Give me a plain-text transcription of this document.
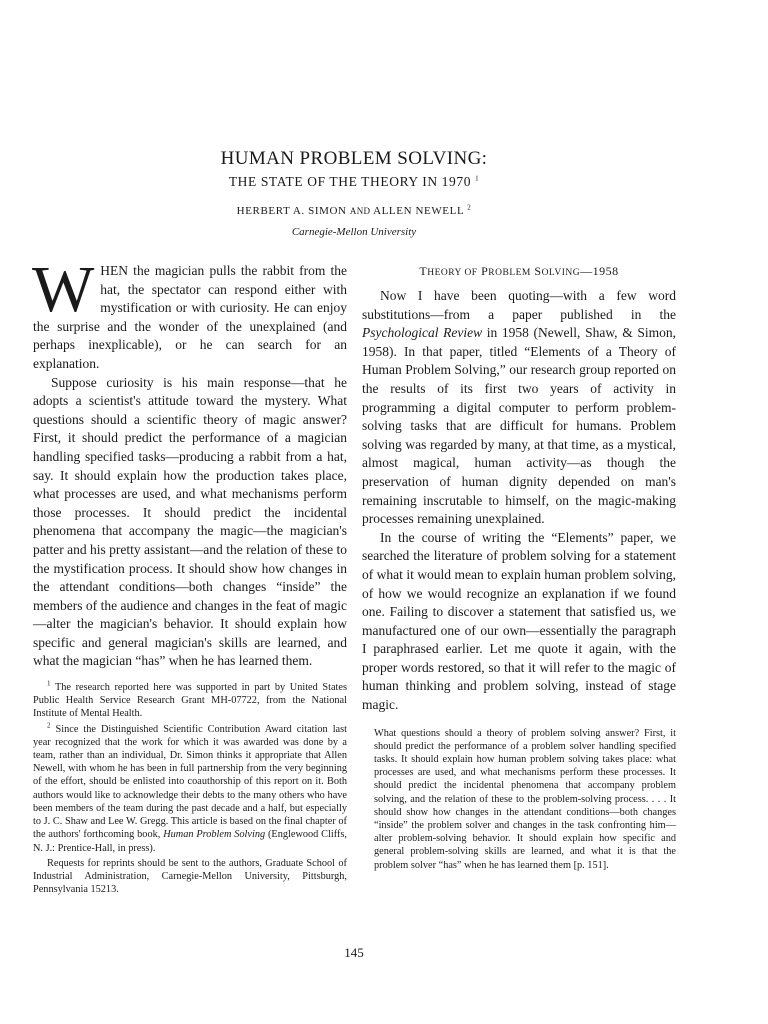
HUMAN PROBLEM SOLVING:
THE STATE OF THE THEORY IN 1970 $^1$
HERBERT A. SIMON AND ALLEN NEWELL $^2$
Carnegie-Mellon University

WHEN the magician pulls the rabbit from the hat, the spectator can respond either with mystification or with curiosity. He can enjoy the surprise and the wonder of the unexplained (and perhaps inexplicable), or he can search for an explanation.

Suppose curiosity is his main response—that he adopts a scientist's attitude toward the mystery. What questions should a scientific theory of magic answer? First, it should predict the performance of a magician handling specified tasks—producing a rabbit from a hat, say. It should explain how the production takes place, what processes are used, and what mechanisms perform those processes. It should predict the incidental phenomena that accompany the magic—the magician's patter and his pretty assistant—and the relation of these to the mystification process. It should show how changes in the attendant conditions—both changes “inside” the members of the audience and changes in the feat of magic—alter the magician's behavior. It should explain how specific and general magician's skills are learned, and what the magician “has” when he has learned them.

$^1$ The research reported here was supported in part by United States Public Health Service Research Grant MH-07722, from the National Institute of Mental Health.

$^2$ Since the Distinguished Scientific Contribution Award citation last year recognized that the work for which it was awarded was done by a team, rather than an individual, Dr. Simon thinks it appropriate that Allen Newell, with whom he has been in full partnership from the very beginning of the effort, should be enlisted into coauthorship of this report on it. Both authors would like to acknowledge their debts to the many others who have been members of the team during the past decade and a half, but especially to J. C. Shaw and Lee W. Gregg. This article is based on the final chapter of the authors' forthcoming book, Human Problem Solving (Englewood Cliffs, N. J.: Prentice-Hall, in press).

Requests for reprints should be sent to the authors, Graduate School of Industrial Administration, Carnegie-Mellon University, Pittsburgh, Pennsylvania 15213.

THEORY OF PROBLEM SOLVING—1958

Now I have been quoting—with a few word substitutions—from a paper published in the Psychological Review in 1958 (Newell, Shaw, & Simon, 1958). In that paper, titled “Elements of a Theory of Human Problem Solving,” our research group reported on the results of its first two years of activity in programming a digital computer to perform problem-solving tasks that are difficult for humans. Problem solving was regarded by many, at that time, as a mystical, almost magical, human activity—as though the preservation of human dignity depended on man's remaining inscrutable to himself, on the magic-making processes remaining unexplained.

In the course of writing the “Elements” paper, we searched the literature of problem solving for a statement of what it would mean to explain human problem solving, of how we would recognize an explanation if we found one. Failing to discover a statement that satisfied us, we manufactured one of our own—essentially the paragraph I paraphrased earlier. Let me quote it again, with the proper words restored, so that it will refer to the magic of human thinking and problem solving, instead of stage magic.

What questions should a theory of problem solving answer? First, it should predict the performance of a problem solver handling specified tasks. It should explain how human problem solving takes place: what processes are used, and what mechanisms perform these processes. It should predict the incidental phenomena that accompany problem solving, and the relation of these to the problem-solving process. . . . It should show how changes in the attendant conditions—both changes “inside” the problem solver and changes in the task confronting him—alter problem-solving behavior. It should explain how specific and general problem-solving skills are learned, and what it is that the problem solver “has” when he has learned them [p. 151].
145
